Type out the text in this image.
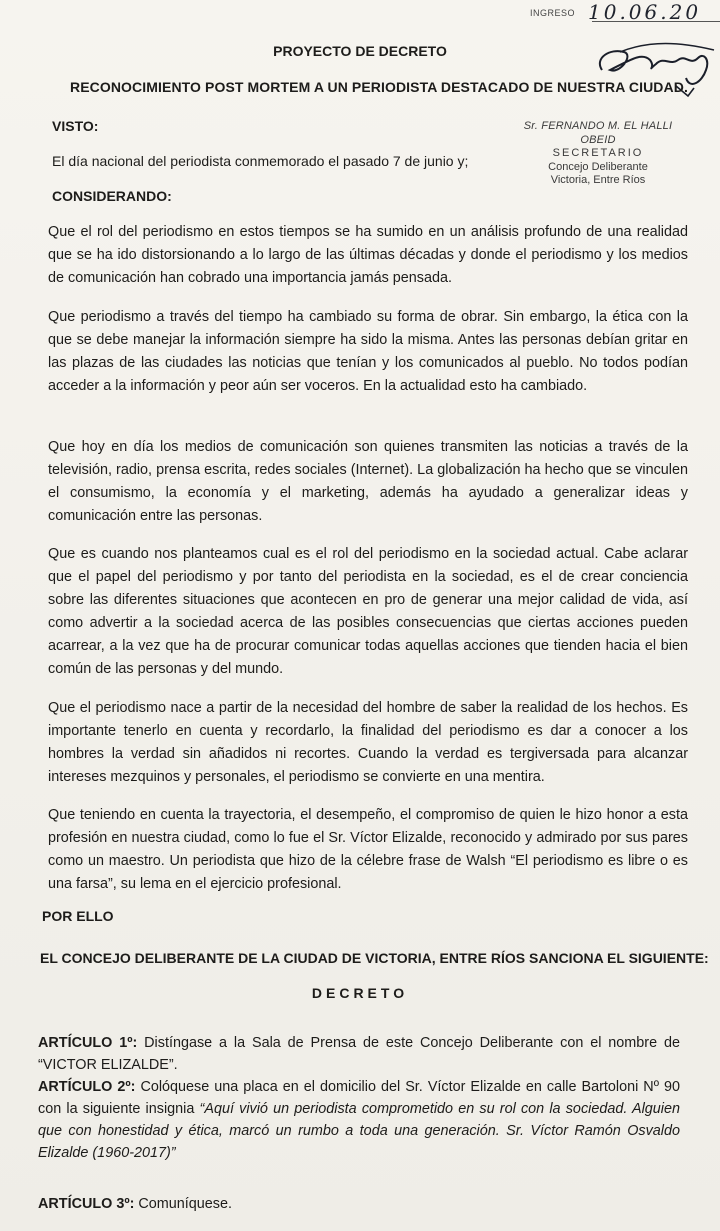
INGRESO 10.06.20
PROYECTO DE DECRETO
RECONOCIMIENTO POST MORTEM A UN PERIODISTA DESTACADO DE NUESTRA CIUDAD.
VISTO:
El día nacional del periodista conmemorado el pasado 7 de junio y;
Sr. FERNANDO M. EL HALLI OBEID
SECRETARIO
Concejo Deliberante
Victoria, Entre Ríos
CONSIDERANDO:
Que el rol del periodismo en estos tiempos se ha sumido en un análisis profundo de una realidad que se ha ido distorsionando a lo largo de las últimas décadas y donde el periodismo y los medios de comunicación han cobrado una importancia jamás pensada.
Que periodismo a través del tiempo ha cambiado su forma de obrar. Sin embargo, la ética con la que se debe manejar la información siempre ha sido la misma. Antes las personas debían gritar en las plazas de las ciudades las noticias que tenían y los comunicados al pueblo. No todos podían acceder a la información y peor aún ser voceros. En la actualidad esto ha cambiado.
Que hoy en día los medios de comunicación son quienes transmiten las noticias a través de la televisión, radio, prensa escrita, redes sociales (Internet). La globalización ha hecho que se vinculen el consumismo, la economía y el marketing, además ha ayudado a generalizar ideas y comunicación entre las personas.
Que es cuando nos planteamos cual es el rol del periodismo en la sociedad actual. Cabe aclarar que el papel del periodismo y por tanto del periodista en la sociedad, es el de crear conciencia sobre las diferentes situaciones que acontecen en pro de generar una mejor calidad de vida, así como advertir a la sociedad acerca de las posibles consecuencias que ciertas acciones pueden acarrear, a la vez que ha de procurar comunicar todas aquellas acciones que tienden hacia el bien común de las personas y del mundo.
Que el periodismo nace a partir de la necesidad del hombre de saber la realidad de los hechos. Es importante tenerlo en cuenta y recordarlo, la finalidad del periodismo es dar a conocer a los hombres la verdad sin añadidos ni recortes. Cuando la verdad es tergiversada para alcanzar intereses mezquinos y personales, el periodismo se convierte en una mentira.
Que teniendo en cuenta la trayectoria, el desempeño, el compromiso de quien le hizo honor a esta profesión en nuestra ciudad, como lo fue el Sr. Víctor Elizalde, reconocido y admirado por sus pares como un maestro. Un periodista que hizo de la célebre frase de Walsh “El periodismo es libre o es una farsa”, su lema en el ejercicio profesional.
POR ELLO
EL CONCEJO DELIBERANTE DE LA CIUDAD DE VICTORIA, ENTRE RÍOS SANCIONA EL SIGUIENTE:
DECRETO
ARTÍCULO 1º: Distíngase a la Sala de Prensa de este Concejo Deliberante con el nombre de “VICTOR ELIZALDE”.
ARTÍCULO 2º: Colóquese una placa en el domicilio del Sr. Víctor Elizalde en calle Bartoloni Nº 90 con la siguiente insignia “Aquí vivió un periodista comprometido en su rol con la sociedad. Alguien que con honestidad y ética, marcó un rumbo a toda una generación. Sr. Víctor Ramón Osvaldo Elizalde (1960-2017)”
ARTÍCULO 3º: Comuníquese.
